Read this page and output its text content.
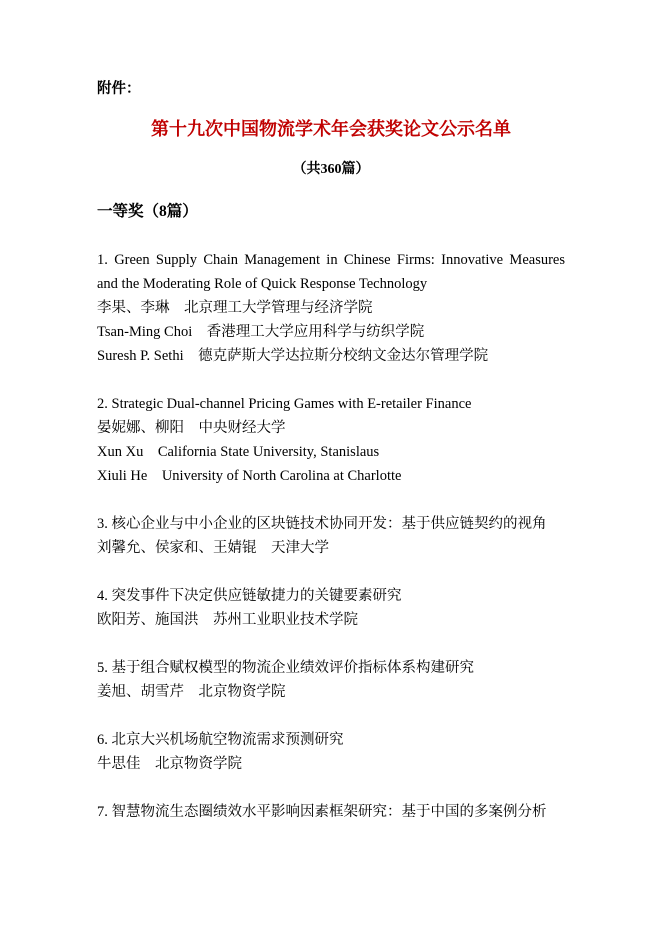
附件：
第十九次中国物流学术年会获奖论文公示名单
（共360篇）
一等奖（8篇）

1. Green Supply Chain Management in Chinese Firms: Innovative Measures and the Moderating Role of Quick Response Technology

李果、李琳　北京理工大学管理与经济学院

Tsan-Ming Choi　香港理工大学应用科学与纺织学院

Suresh P. Sethi　德克萨斯大学达拉斯分校纳文金达尔管理学院

2. Strategic Dual-channel Pricing Games with E-retailer Finance

晏妮娜、柳阳　中央财经大学

Xun Xu　California State University, Stanislaus

Xiuli He　University of North Carolina at Charlotte

3. 核心企业与中小企业的区块链技术协同开发：基于供应链契约的视角

刘馨允、侯家和、王婧锟　天津大学

4. 突发事件下决定供应链敏捷力的关键要素研究

欧阳芳、施国洪　苏州工业职业技术学院

5. 基于组合赋权模型的物流企业绩效评价指标体系构建研究

姜旭、胡雪芹　北京物资学院

6. 北京大兴机场航空物流需求预测研究

牛思佳　北京物资学院

7. 智慧物流生态圈绩效水平影响因素框架研究：基于中国的多案例分析
